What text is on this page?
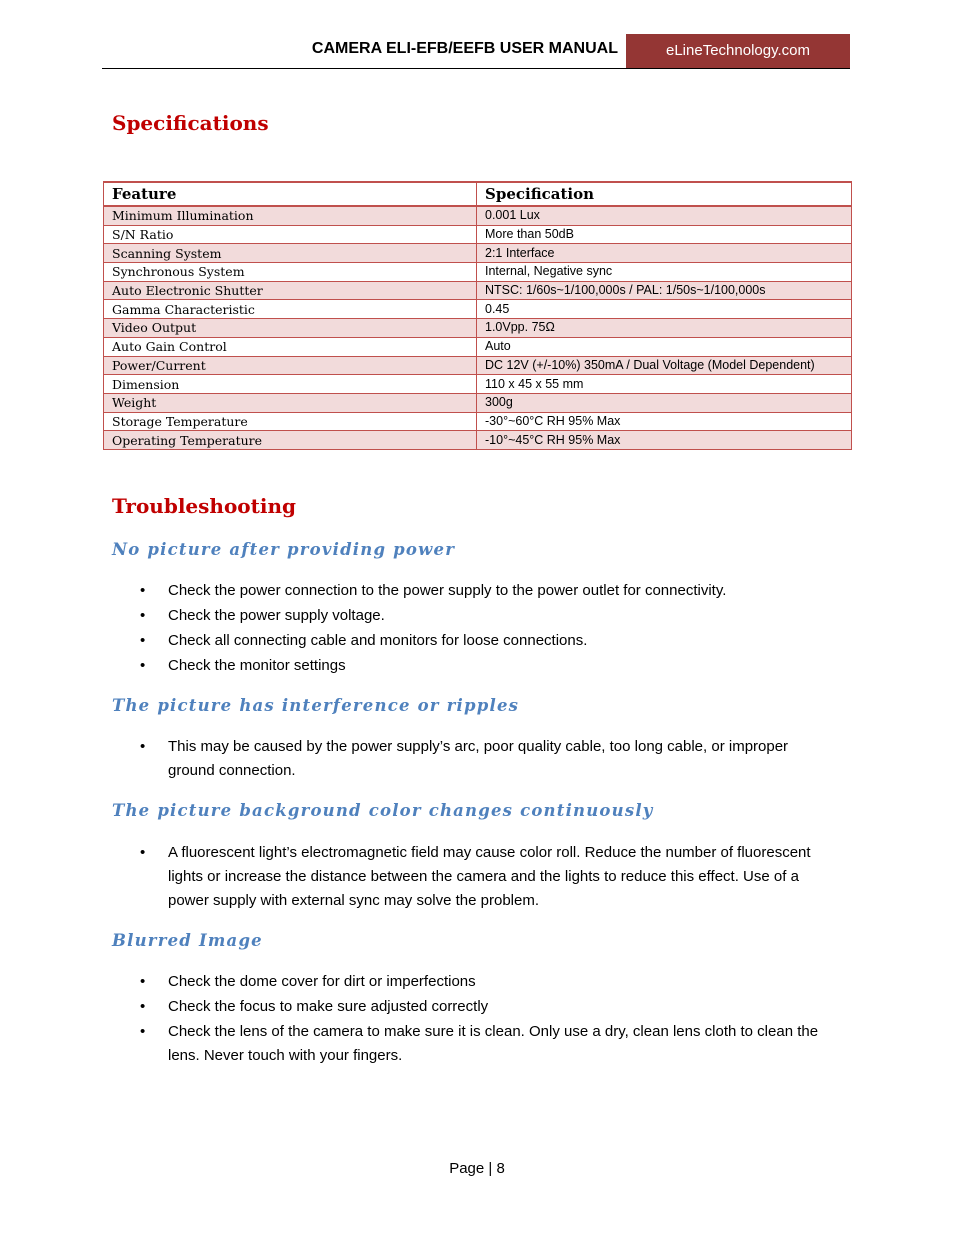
CAMERA ELI-EFB/EEFB USER MANUAL	eLineTechnology.com
Specifications
Feature	Specification
Minimum Illumination	0.001 Lux
S/N Ratio	More than 50dB
Scanning System	2:1 Interface
Synchronous System	Internal, Negative sync
Auto Electronic Shutter	NTSC: 1/60s~1/100,000s / PAL: 1/50s~1/100,000s
Gamma Characteristic	0.45
Video Output	1.0Vpp. 75Ω
Auto Gain Control	Auto
Power/Current	DC 12V (+/-10%) 350mA / Dual Voltage (Model Dependent)
Dimension	110 x 45 x 55 mm
Weight	300g
Storage Temperature	-30°~60°C RH 95% Max
Operating Temperature	-10°~45°C RH 95% Max
Troubleshooting
No picture after providing power
• Check the power connection to the power supply to the power outlet for connectivity.
• Check the power supply voltage.
• Check all connecting cable and monitors for loose connections.
• Check the monitor settings
The picture has interference or ripples
• This may be caused by the power supply’s arc, poor quality cable, too long cable, or improper ground connection.
The picture background color changes continuously
• A fluorescent light’s electromagnetic field may cause color roll. Reduce the number of fluorescent lights or increase the distance between the camera and the lights to reduce this effect. Use of a power supply with external sync may solve the problem.
Blurred Image
• Check the dome cover for dirt or imperfections
• Check the focus to make sure adjusted correctly
• Check the lens of the camera to make sure it is clean. Only use a dry, clean lens cloth to clean the lens. Never touch with your fingers.
Page | 8
